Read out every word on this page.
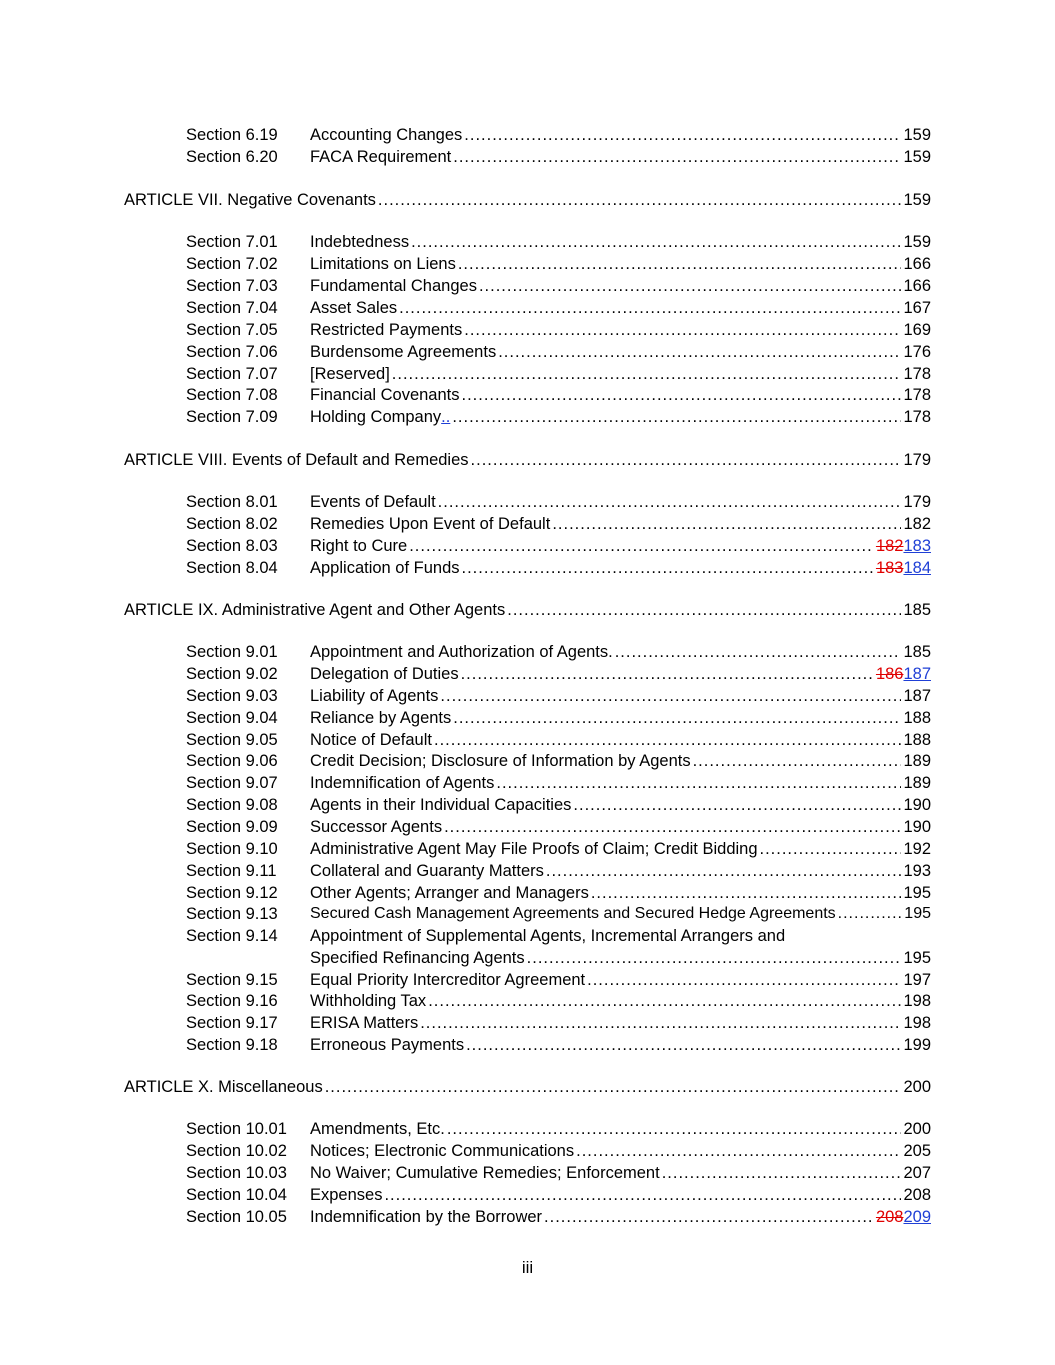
Section 6.19 Accounting Changes .....	159
Section 6.20 FACA Requirement .....	159
ARTICLE VII. Negative Covenants .....	159
Section 7.01 Indebtedness .....	159
Section 7.02 Limitations on Liens .....	166
Section 7.03 Fundamental Changes .....	166
Section 7.04 Asset Sales .....	167
Section 7.05 Restricted Payments .....	169
Section 7.06 Burdensome Agreements .....	176
Section 7.07 [Reserved] .....	178
Section 7.08 Financial Covenants .....	178
Section 7.09 Holding Company .. .....	178
ARTICLE VIII. Events of Default and Remedies .....	179
Section 8.01 Events of Default .....	179
Section 8.02 Remedies Upon Event of Default .....	182
Section 8.03 Right to Cure .....	182183
Section 8.04 Application of Funds .....	183184
ARTICLE IX. Administrative Agent and Other Agents .....	185
Section 9.01 Appointment and Authorization of Agents. .....	185
Section 9.02 Delegation of Duties .....	186187
Section 9.03 Liability of Agents .....	187
Section 9.04 Reliance by Agents .....	188
Section 9.05 Notice of Default .....	188
Section 9.06 Credit Decision; Disclosure of Information by Agents .....	189
Section 9.07 Indemnification of Agents .....	189
Section 9.08 Agents in their Individual Capacities .....	190
Section 9.09 Successor Agents .....	190
Section 9.10 Administrative Agent May File Proofs of Claim; Credit Bidding .....	192
Section 9.11 Collateral and Guaranty Matters .....	193
Section 9.12 Other Agents; Arranger and Managers .....	195
Section 9.13 Secured Cash Management Agreements and Secured Hedge Agreements .....	195
Section 9.14 Appointment of Supplemental Agents, Incremental Arrangers and
Specified Refinancing Agents .....	195
Section 9.15 Equal Priority Intercreditor Agreement .....	197
Section 9.16 Withholding Tax .....	198
Section 9.17 ERISA Matters .....	198
Section 9.18 Erroneous Payments .....	199
ARTICLE X. Miscellaneous .....	200
Section 10.01 Amendments, Etc. .....	200
Section 10.02 Notices; Electronic Communications .....	205
Section 10.03 No Waiver; Cumulative Remedies; Enforcement .....	207
Section 10.04 Expenses .....	208
Section 10.05 Indemnification by the Borrower .....	208209
iii
